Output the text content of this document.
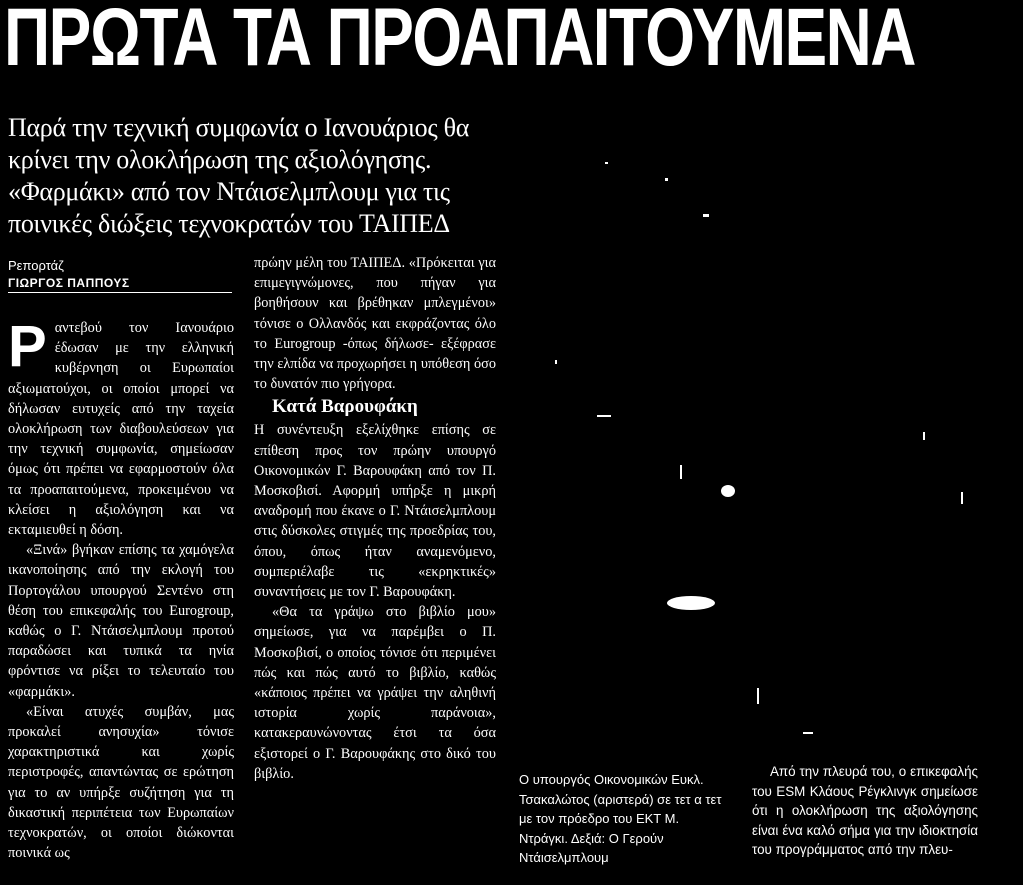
ΠΡΩΤΑ ΤΑ ΠΡΟΑΠΑΙΤΟΥΜΕΝΑ
Παρά την τεχνική συμφωνία ο Ιανουάριος θα κρίνει την ολοκλήρωση της αξιολόγησης. «Φαρμάκι» από τον Ντάισελμπλουμ για τις ποινικές διώξεις τεχνοκρατών του ΤΑΙΠΕΔ
Ρεπορτάζ
ΓΙΩΡΓΟΣ ΠΑΠΠΟΥΣ

Ραντεβού τον Ιανουάριο έδωσαν με την ελληνική κυβέρνηση οι Ευρωπαίοι αξιωματούχοι, οι οποίοι μπορεί να δήλωσαν ευτυχείς από την ταχεία ολοκλήρωση των διαβουλεύσεων για την τεχνική συμφωνία, σημείωσαν όμως ότι πρέπει να εφαρμοστούν όλα τα προαπαιτούμενα, προκειμένου να κλείσει η αξιολόγηση και να εκταμιευθεί η δόση.

«Ξινά» βγήκαν επίσης τα χαμόγελα ικανοποίησης από την εκλογή του Πορτογάλου υπουργού Σεντένο στη θέση του επικεφαλής του Eurogroup, καθώς ο Γ. Ντάισελμπλουμ προτού παραδώσει και τυπικά τα ηνία φρόντισε να ρίξει το τελευταίο του «φαρμάκι».

«Είναι ατυχές συμβάν, μας προκαλεί ανησυχία» τόνισε χαρακτηριστικά και χωρίς περιστροφές, απαντώντας σε ερώτηση για το αν υπήρξε συζήτηση για τη δικαστική περιπέτεια των Ευρωπαίων τεχνοκρατών, οι οποίοι διώκονται ποινικά ως

πρώην μέλη του ΤΑΙΠΕΔ. «Πρόκειται για επιμεγιγνώμονες, που πήγαν για βοηθήσουν και βρέθηκαν μπλεγμένοι» τόνισε ο Ολλανδός και εκφράζοντας όλο το Eurogroup -όπως δήλωσε- εξέφρασε την ελπίδα να προχωρήσει η υπόθεση όσο το δυνατόν πιο γρήγορα.

Κατά Βαρουφάκη

Η συνέντευξη εξελίχθηκε επίσης σε επίθεση προς τον πρώην υπουργό Οικονομικών Γ. Βαρουφάκη από τον Π. Μοσκοβισί. Αφορμή υπήρξε η μικρή αναδρομή που έκανε ο Γ. Ντάισελμπλουμ στις δύσκολες στιγμές της προεδρίας του, όπου, όπως ήταν αναμενόμενο, συμπεριέλαβε τις «εκρηκτικές» συναντήσεις με τον Γ. Βαρουφάκη.

«Θα τα γράψω στο βιβλίο μου» σημείωσε, για να παρέμβει ο Π. Μοσκοβισί, ο οποίος τόνισε ότι περιμένει πώς και πώς αυτό το βιβλίο, καθώς «κάποιος πρέπει να γράψει την αληθινή ιστορία χωρίς παράνοια», κατακεραυνώνοντας έτσι τα όσα εξιστορεί ο Γ. Βαρουφάκης στο δικό του βιβλίο.	Ο υπουργός Οικονομικών Ευκλ. Τσακαλώτος (αριστερά) σε τετ α τετ με τον πρόεδρο του ΕΚΤ Μ. Ντράγκι. Δεξιά: Ο Γερούν Ντάισελμπλουμ

Από την πλευρά του, ο επικεφαλής του ESM Κλάους Ρέγκλινγκ σημείωσε ότι η ολοκλήρωση της αξιολόγησης είναι ένα καλό σήμα για την ιδιοκτησία του προγράμματος από την πλευ-
